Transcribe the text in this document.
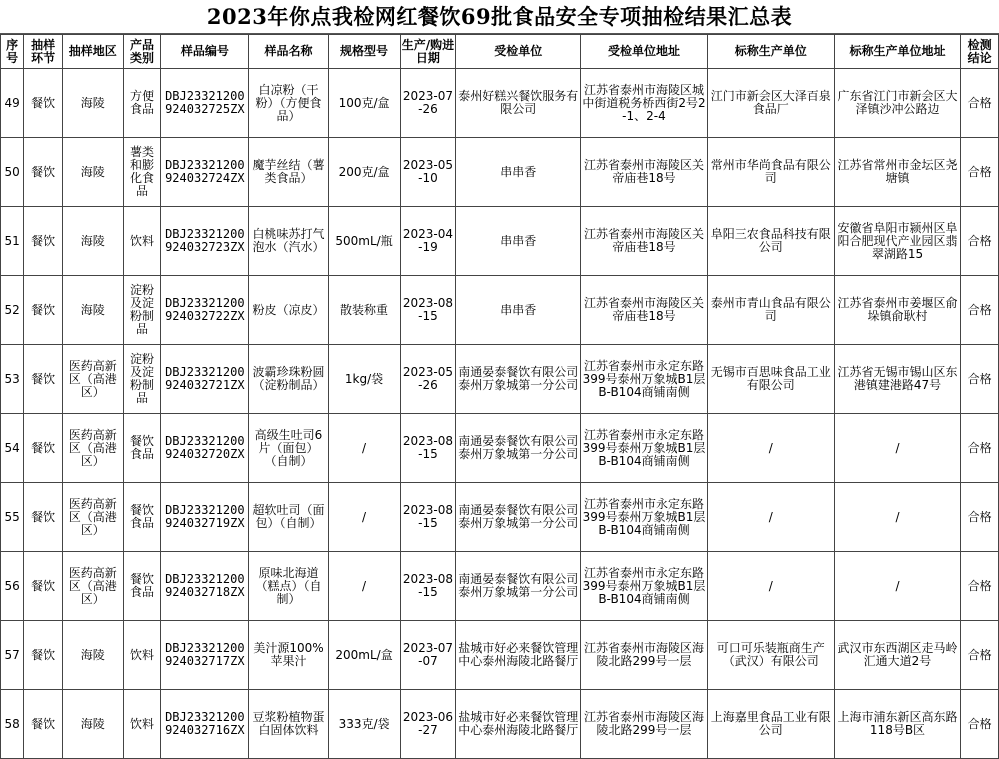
2023年你点我检网红餐饮69批食品安全专项抽检结果汇总表
序号	抽样环节	抽样地区	产品类别	样品编号	样品名称	规格型号	生产/购进日期	受检单位	受检单位地址	标称生产单位	标称生产单位地址	检测结论
49	餐饮	海陵	方便食品	DBJ23321200924032725ZX	白凉粉（干粉）（方便食品）	100克/盒	2023-07-26	泰州好糕兴餐饮服务有限公司	江苏省泰州市海陵区城中街道税务桥西街2号2-1、2-4	江门市新会区大泽百泉食品厂	广东省江门市新会区大泽镇沙冲公路边	合格
50	餐饮	海陵	薯类和膨化食品	DBJ23321200924032724ZX	魔芋丝结（薯类食品）	200克/盒	2023-05-10	串串香	江苏省泰州市海陵区关帝庙巷18号	常州市华尚食品有限公司	江苏省常州市金坛区尧塘镇	合格
51	餐饮	海陵	饮料	DBJ23321200924032723ZX	白桃味苏打气泡水（汽水）	500mL/瓶	2023-04-19	串串香	江苏省泰州市海陵区关帝庙巷18号	阜阳三农食品科技有限公司	安徽省阜阳市颍州区阜阳合肥现代产业园区翡翠湖路15	合格
52	餐饮	海陵	淀粉及淀粉制品	DBJ23321200924032722ZX	粉皮（凉皮）	散装称重	2023-08-15	串串香	江苏省泰州市海陵区关帝庙巷18号	泰州市青山食品有限公司	江苏省泰州市姜堰区俞垛镇俞耿村	合格
53	餐饮	医药高新区（高港区）	淀粉及淀粉制品	DBJ23321200924032721ZX	波霸珍珠粉圆（淀粉制品）	1kg/袋	2023-05-26	南通晏泰餐饮有限公司泰州万象城第一分公司	江苏省泰州市永定东路399号泰州万象城B1层B-B104商铺南侧	无锡市百思味食品工业有限公司	江苏省无锡市锡山区东港镇建港路47号	合格
54	餐饮	医药高新区（高港区）	餐饮食品	DBJ23321200924032720ZX	高级生吐司6片（面包）（自制）	/	2023-08-15	南通晏泰餐饮有限公司泰州万象城第一分公司	江苏省泰州市永定东路399号泰州万象城B1层B-B104商铺南侧	/	/	合格
55	餐饮	医药高新区（高港区）	餐饮食品	DBJ23321200924032719ZX	超软吐司（面包）（自制）	/	2023-08-15	南通晏泰餐饮有限公司泰州万象城第一分公司	江苏省泰州市永定东路399号泰州万象城B1层B-B104商铺南侧	/	/	合格
56	餐饮	医药高新区（高港区）	餐饮食品	DBJ23321200924032718ZX	原味北海道（糕点）（自制）	/	2023-08-15	南通晏泰餐饮有限公司泰州万象城第一分公司	江苏省泰州市永定东路399号泰州万象城B1层B-B104商铺南侧	/	/	合格
57	餐饮	海陵	饮料	DBJ23321200924032717ZX	美汁源100%苹果汁	200mL/盒	2023-07-07	盐城市好必来餐饮管理中心泰州海陵北路餐厅	江苏省泰州市海陵区海陵北路299号一层	可口可乐装瓶商生产（武汉）有限公司	武汉市东西湖区走马岭汇通大道2号	合格
58	餐饮	海陵	饮料	DBJ23321200924032716ZX	豆浆粉植物蛋白固体饮料	333克/袋	2023-06-27	盐城市好必来餐饮管理中心泰州海陵北路餐厅	江苏省泰州市海陵区海陵北路299号一层	上海嘉里食品工业有限公司	上海市浦东新区高东路118号B区	合格
